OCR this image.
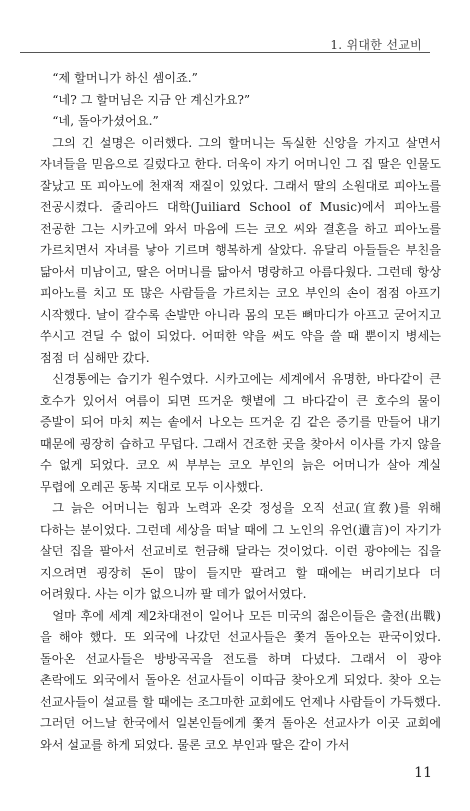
1. 위대한 선교비

“제 할머니가 하신 셈이죠.”

“네? 그 할머님은 지금 안 계신가요?”

“네, 돌아가셨어요.”

그의 긴 설명은 이러했다. 그의 할머니는 독실한 신앙을 가지고 살면서 자녀들을 믿음으로 길렀다고 한다. 더욱이 자기 어머니인 그 집 딸은 인물도 잘났고 또 피아노에 천재적 재질이 있었다. 그래서 딸의 소원대로 피아노를 전공시켰다. 줄리아드 대학(Juiliard School of Music)에서 피아노를 전공한 그는 시카고에 와서 마음에 드는 코오 씨와 결혼을 하고 피아노를 가르치면서 자녀를 낳아 기르며 행복하게 살았다. 유달리 아들들은 부친을 닮아서 미남이고, 딸은 어머니를 닮아서 명랑하고 아름다웠다. 그런데 항상 피아노를 치고 또 많은 사람들을 가르치는 코오 부인의 손이 점점 아프기 시작했다. 날이 갈수록 손발만 아니라 몸의 모든 뼈마디가 아프고 굳어지고 쑤시고 견딜 수 없이 되었다. 어떠한 약을 써도 약을 쓸 때 뿐이지 병세는 점점 더 심해만 갔다.

신경통에는 습기가 원수였다. 시카고에는 세계에서 유명한, 바다같이 큰 호수가 있어서 여름이 되면 뜨거운 햇볕에 그 바다같이 큰 호수의 물이 증발이 되어 마치 찌는 솥에서 나오는 뜨거운 김 같은 증기를 만들어 내기 때문에 굉장히 습하고 무덥다. 그래서 건조한 곳을 찾아서 이사를 가지 않을 수 없게 되었다. 코오 씨 부부는 코오 부인의 늙은 어머니가 살아 계실 무렵에 오레곤 동북 지대로 모두 이사했다.

그 늙은 어머니는 힘과 노력과 온갖 정성을 오직 선교(宣敎)를 위해 다하는 분이었다. 그런데 세상을 떠날 때에 그 노인의 유언(遺言)이 자기가 살던 집을 팔아서 선교비로 헌금해 달라는 것이었다. 이런 광야에는 집을 지으려면 굉장히 돈이 많이 들지만 팔려고 할 때에는 버리기보다 더 어려웠다. 사는 이가 없으니까 팔 데가 없어서였다.

얼마 후에 세계 제2차대전이 일어나 모든 미국의 젊은이들은 출전(出戰)을 해야 했다. 또 외국에 나갔던 선교사들은 쫓겨 돌아오는 판국이었다. 돌아온 선교사들은 방방곡곡을 전도를 하며 다녔다. 그래서 이 광야 촌락에도 외국에서 돌아온 선교사들이 이따금 찾아오게 되었다. 찾아 오는 선교사들이 설교를 할 때에는 조그마한 교회에도 언제나 사람들이 가득했다. 그러던 어느날 한국에서 일본인들에게 쫓겨 돌아온 선교사가 이곳 교회에 와서 설교를 하게 되었다. 물론 코오 부인과 딸은 같이 가서

11
